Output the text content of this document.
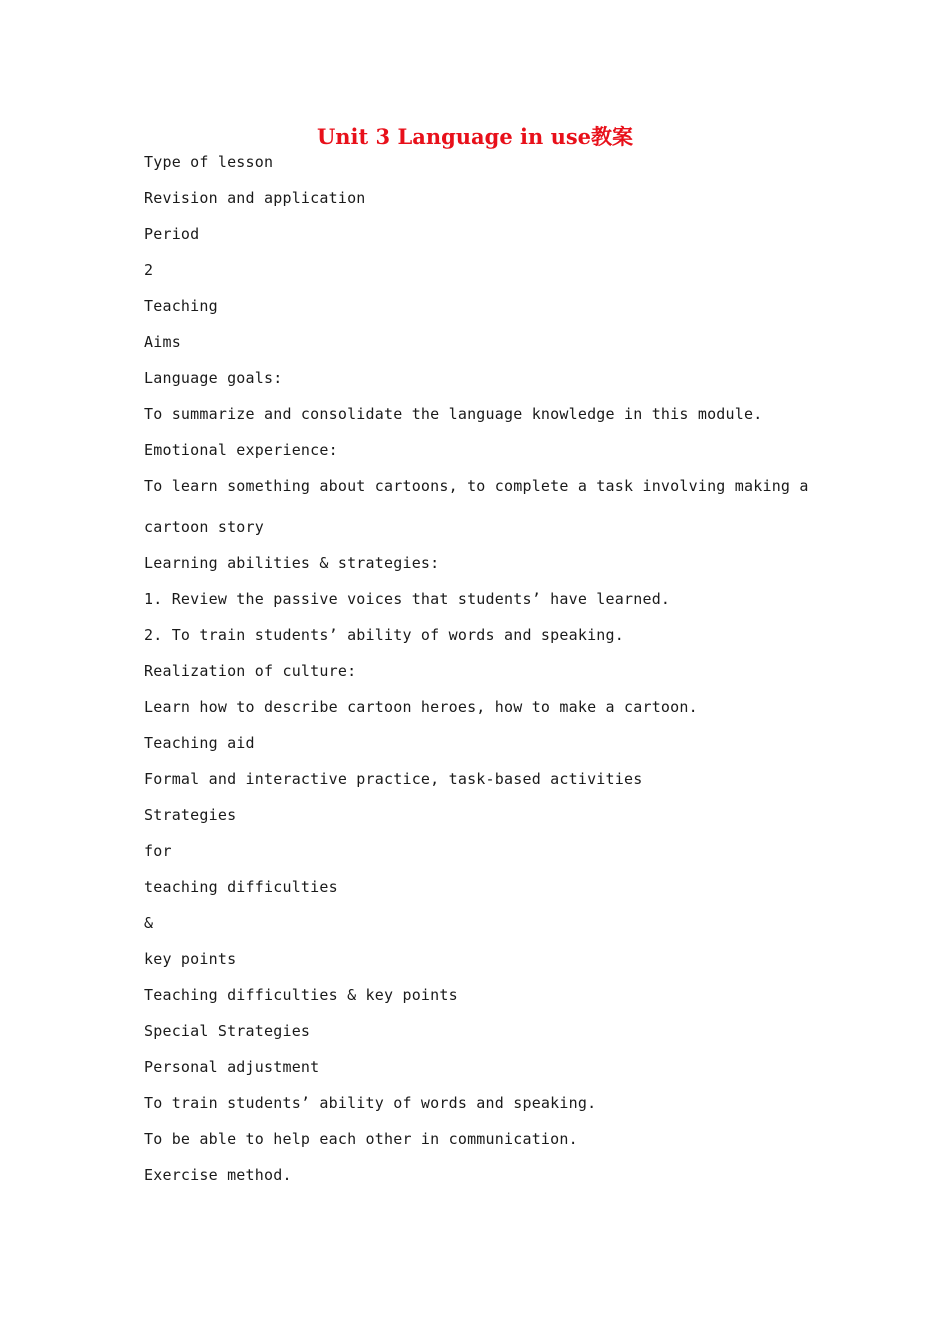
Unit 3 Language in use教案
Type of lesson
Revision and application
Period
2
Teaching
Aims
Language goals:
To summarize and consolidate the language knowledge in this module.
Emotional experience:
To learn something about cartoons, to complete a task involving making a
cartoon story
Learning abilities & strategies:
1. Review the passive voices that students’ have learned.
2. To train students’ ability of words and speaking.
Realization of culture:
Learn how to describe cartoon heroes, how to make a cartoon.
Teaching aid
Formal and interactive practice, task-based activities
Strategies
for
teaching difficulties
&
key points
Teaching difficulties & key points
Special Strategies
Personal adjustment
To train students’ ability of words and speaking.
To be able to help each other in communication.
Exercise method.
